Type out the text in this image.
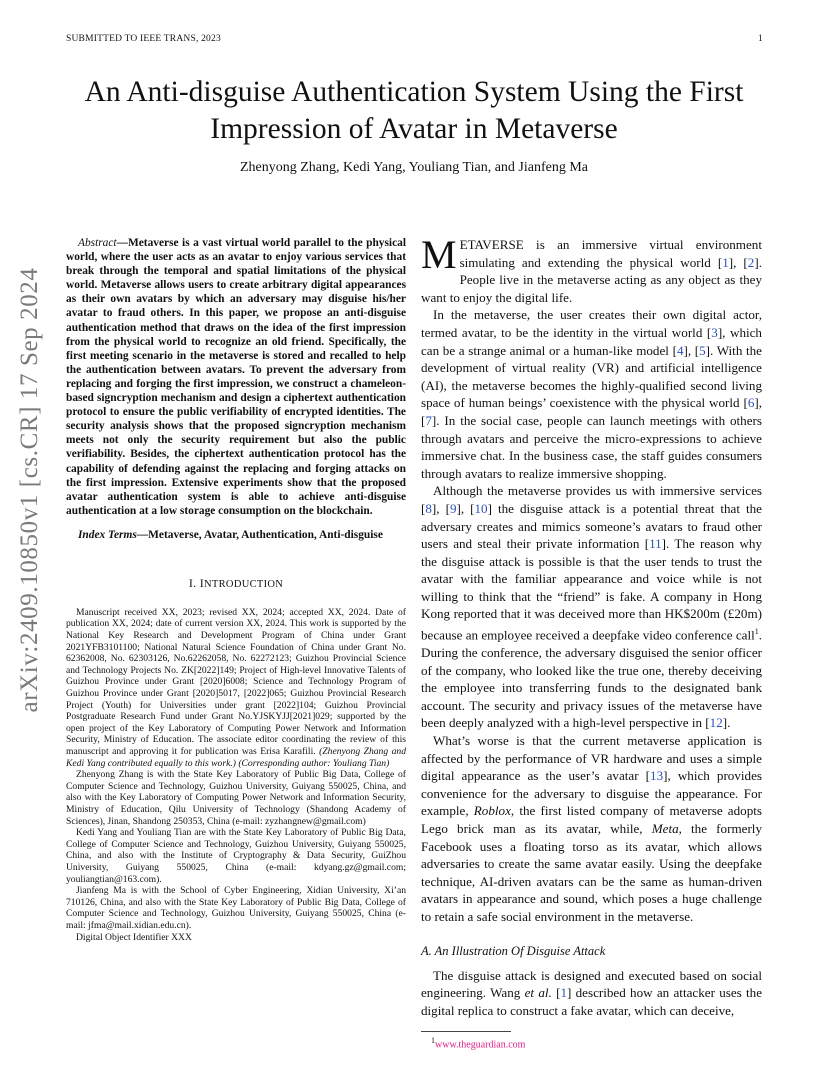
SUBMITTED TO IEEE TRANS, 2023	1
arXiv:2409.10850v1 [cs.CR] 17 Sep 2024
An Anti-disguise Authentication System Using the First Impression of Avatar in Metaverse
Zhenyong Zhang, Kedi Yang, Youliang Tian, and Jianfeng Ma

Abstract—Metaverse is a vast virtual world parallel to the physical world, where the user acts as an avatar to enjoy various services that break through the temporal and spatial limitations of the physical world. Metaverse allows users to create arbitrary digital appearances as their own avatars by which an adversary may disguise his/her avatar to fraud others. In this paper, we propose an anti-disguise authentication method that draws on the idea of the first impression from the physical world to recognize an old friend. Specifically, the first meeting scenario in the metaverse is stored and recalled to help the authentication between avatars. To prevent the adversary from replacing and forging the first impression, we construct a chameleon-based signcryption mechanism and design a ciphertext authentication protocol to ensure the public verifiability of encrypted identities. The security analysis shows that the proposed signcryption mechanism meets not only the security requirement but also the public verifiability. Besides, the ciphertext authentication protocol has the capability of defending against the replacing and forging attacks on the first impression. Extensive experiments show that the proposed avatar authentication system is able to achieve anti-disguise authentication at a low storage consumption on the blockchain.

Index Terms—Metaverse, Avatar, Authentication, Anti-disguise

I. INTRODUCTION

Manuscript received XX, 2023; revised XX, 2024; accepted XX, 2024. Date of publication XX, 2024; date of current version XX, 2024. This work is supported by the National Key Research and Development Program of China under Grant 2021YFB3101100; National Natural Science Foundation of China under Grant No. 62362008, No. 62303126, No.62262058, No. 62272123; Guizhou Provincial Science and Technology Projects No. ZK[2022]149; Project of High-level Innovative Talents of Guizhou Province under Grant [2020]6008; Science and Technology Program of Guizhou Province under Grant [2020]5017, [2022]065; Guizhou Provincial Research Project (Youth) for Universities under grant [2022]104; Guizhou Provincial Postgraduate Research Fund under Grant No.YJSKYJJ[2021]029; supported by the open project of the Key Laboratory of Computing Power Network and Information Security, Ministry of Education. The associate editor coordinating the review of this manuscript and approving it for publication was Erisa Karafili. (Zhenyong Zhang and Kedi Yang contributed equally to this work.) (Corresponding author: Youliang Tian)

Zhenyong Zhang is with the State Key Laboratory of Public Big Data, College of Computer Science and Technology, Guizhou University, Guiyang 550025, China, and also with the Key Laboratory of Computing Power Network and Information Security, Ministry of Education, Qilu University of Technology (Shandong Academy of Sciences), Jinan, Shandong 250353, China (e-mail: zyzhangnew@gmail.com)

Kedi Yang and Youliang Tian are with the State Key Laboratory of Public Big Data, College of Computer Science and Technology, Guizhou University, Guiyang 550025, China, and also with the Institute of Cryptography & Data Security, GuiZhou University, Guiyang 550025, China (e-mail: kdyang.gz@gmail.com; youliangtian@163.com).

Jianfeng Ma is with the School of Cyber Engineering, Xidian University, Xi’an 710126, China, and also with the State Key Laboratory of Public Big Data, College of Computer Science and Technology, Guizhou University, Guiyang 550025, China (e-mail: jfma@mail.xidian.edu.cn).

Digital Object Identifier XXX

METAVERSE is an immersive virtual environment simulating and extending the physical world [1], [2]. People live in the metaverse acting as any object as they want to enjoy the digital life.

In the metaverse, the user creates their own digital actor, termed avatar, to be the identity in the virtual world [3], which can be a strange animal or a human-like model [4], [5]. With the development of virtual reality (VR) and artificial intelligence (AI), the metaverse becomes the highly-qualified second living space of human beings’ coexistence with the physical world [6], [7]. In the social case, people can launch meetings with others through avatars and perceive the micro-expressions to achieve immersive chat. In the business case, the staff guides consumers through avatars to realize immersive shopping.

Although the metaverse provides us with immersive services [8], [9], [10] the disguise attack is a potential threat that the adversary creates and mimics someone’s avatars to fraud other users and steal their private information [11]. The reason why the disguise attack is possible is that the user tends to trust the avatar with the familiar appearance and voice while is not willing to think that the “friend” is fake. A company in Hong Kong reported that it was deceived more than HK$200m (£20m) because an employee received a deepfake video conference call$^1$. During the conference, the adversary disguised the senior officer of the company, who looked like the true one, thereby deceiving the employee into transferring funds to the designated bank account. The security and privacy issues of the metaverse have been deeply analyzed with a high-level perspective in [12].

What’s worse is that the current metaverse application is affected by the performance of VR hardware and uses a simple digital appearance as the user’s avatar [13], which provides convenience for the adversary to disguise the appearance. For example, Roblox, the first listed company of metaverse adopts Lego brick man as its avatar, while, Meta, the formerly Facebook uses a floating torso as its avatar, which allows adversaries to create the same avatar easily. Using the deepfake technique, AI-driven avatars can be the same as human-driven avatars in appearance and sound, which poses a huge challenge to retain a safe social environment in the metaverse.

A. An Illustration Of Disguise Attack

The disguise attack is designed and executed based on social engineering. Wang et al. [1] described how an attacker uses the digital replica to construct a fake avatar, which can deceive,

$^1$www.theguardian.com
